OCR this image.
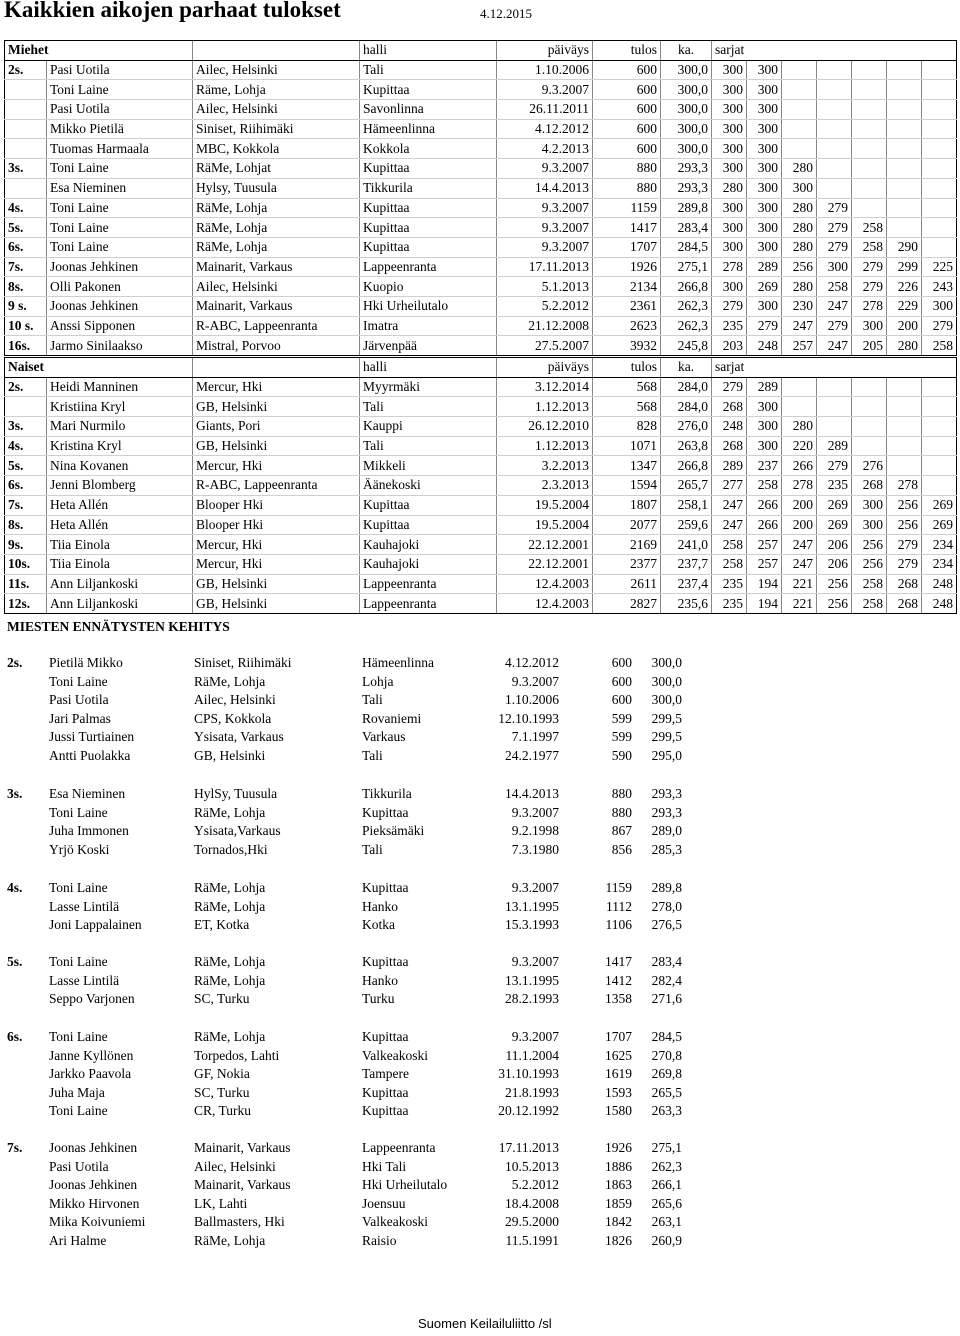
Kaikkien aikojen parhaat tulokset	4.12.2015
Miehet			halli	päiväys	tulos	ka.	sarjat						
2s.	Pasi Uotila	Ailec, Helsinki	Tali	1.10.2006	600	300,0	300	300					
	Toni Laine	Räme, Lohja	Kupittaa	9.3.2007	600	300,0	300	300					
	Pasi Uotila	Ailec, Helsinki	Savonlinna	26.11.2011	600	300,0	300	300					
	Mikko Pietilä	Siniset, Riihimäki	Hämeenlinna	4.12.2012	600	300,0	300	300					
	Tuomas Harmaala	MBC, Kokkola	Kokkola	4.2.2013	600	300,0	300	300					
3s.	Toni Laine	RäMe, Lohjat	Kupittaa	9.3.2007	880	293,3	300	300	280				
	Esa Nieminen	Hylsy, Tuusula	Tikkurila	14.4.2013	880	293,3	280	300	300				
4s.	Toni Laine	RäMe, Lohja	Kupittaa	9.3.2007	1159	289,8	300	300	280	279			
5s.	Toni Laine	RäMe, Lohja	Kupittaa	9.3.2007	1417	283,4	300	300	280	279	258		
6s.	Toni Laine	RäMe, Lohja	Kupittaa	9.3.2007	1707	284,5	300	300	280	279	258	290	
7s.	Joonas Jehkinen	Mainarit, Varkaus	Lappeenranta	17.11.2013	1926	275,1	278	289	256	300	279	299	225
8s.	Olli Pakonen	Ailec, Helsinki	Kuopio	5.1.2013	2134	266,8	300	269	280	258	279	226	243
9 s.	Joonas Jehkinen	Mainarit, Varkaus	Hki Urheilutalo	5.2.2012	2361	262,3	279	300	230	247	278	229	300
10 s.	Anssi Sipponen	R-ABC, Lappeenranta	Imatra	21.12.2008	2623	262,3	235	279	247	279	300	200	279
16s.	Jarmo Sinilaakso	Mistral, Porvoo	Järvenpää	27.5.2007	3932	245,8	203	248	257	247	205	280	258
Naiset			halli	päiväys	tulos	ka.	sarjat						
2s.	Heidi Manninen	Mercur, Hki	Myyrmäki	3.12.2014	568	284,0	279	289					
	Kristiina Kryl	GB, Helsinki	Tali	1.12.2013	568	284,0	268	300					
3s.	Mari Nurmilo	Giants, Pori	Kauppi	26.12.2010	828	276,0	248	300	280				
4s.	Kristina Kryl	GB, Helsinki	Tali	1.12.2013	1071	263,8	268	300	220	289			
5s.	Nina Kovanen	Mercur, Hki	Mikkeli	3.2.2013	1347	266,8	289	237	266	279	276		
6s.	Jenni Blomberg	R-ABC, Lappeenranta	Äänekoski	2.3.2013	1594	265,7	277	258	278	235	268	278	
7s.	Heta Allén	Blooper Hki	Kupittaa	19.5.2004	1807	258,1	247	266	200	269	300	256	269
8s.	Heta Allén	Blooper Hki	Kupittaa	19.5.2004	2077	259,6	247	266	200	269	300	256	269
9s.	Tiia Einola	Mercur, Hki	Kauhajoki	22.12.2001	2169	241,0	258	257	247	206	256	279	234
10s.	Tiia Einola	Mercur, Hki	Kauhajoki	22.12.2001	2377	237,7	258	257	247	206	256	279	234
11s.	Ann Liljankoski	GB, Helsinki	Lappeenranta	12.4.2003	2611	237,4	235	194	221	256	258	268	248
12s.	Ann Liljankoski	GB, Helsinki	Lappeenranta	12.4.2003	2827	235,6	235	194	221	256	258	268	248
MIESTEN ENNÄTYSTEN KEHITYS
2s. Pietilä Mikko	Siniset, Riihimäki	Hämeenlinna	4.12.2012	600	300,0
Toni Laine	RäMe, Lohja	Lohja	9.3.2007	600	300,0
Pasi Uotila	Ailec, Helsinki	Tali	1.10.2006	600	300,0
Jari Palmas	CPS, Kokkola	Rovaniemi	12.10.1993	599	299,5
Jussi Turtiainen	Ysisata, Varkaus	Varkaus	7.1.1997	599	299,5
Antti Puolakka	GB, Helsinki	Tali	24.2.1977	590	295,0
3s. Esa Nieminen	HylSy, Tuusula	Tikkurila	14.4.2013	880	293,3
Toni Laine	RäMe, Lohja	Kupittaa	9.3.2007	880	293,3
Juha Immonen	Ysisata,Varkaus	Pieksämäki	9.2.1998	867	289,0
Yrjö Koski	Tornados,Hki	Tali	7.3.1980	856	285,3
4s. Toni Laine	RäMe, Lohja	Kupittaa	9.3.2007	1159	289,8
Lasse Lintilä	RäMe, Lohja	Hanko	13.1.1995	1112	278,0
Joni Lappalainen	ET, Kotka	Kotka	15.3.1993	1106	276,5
5s. Toni Laine	RäMe, Lohja	Kupittaa	9.3.2007	1417	283,4
Lasse Lintilä	RäMe, Lohja	Hanko	13.1.1995	1412	282,4
Seppo Varjonen	SC, Turku	Turku	28.2.1993	1358	271,6
6s. Toni Laine	RäMe, Lohja	Kupittaa	9.3.2007	1707	284,5
Janne Kyllönen	Torpedos, Lahti	Valkeakoski	11.1.2004	1625	270,8
Jarkko Paavola	GF, Nokia	Tampere	31.10.1993	1619	269,8
Juha Maja	SC, Turku	Kupittaa	21.8.1993	1593	265,5
Toni Laine	CR, Turku	Kupittaa	20.12.1992	1580	263,3
7s. Joonas Jehkinen	Mainarit, Varkaus	Lappeenranta	17.11.2013	1926	275,1
Pasi Uotila	Ailec, Helsinki	Hki Tali	10.5.2013	1886	262,3
Joonas Jehkinen	Mainarit, Varkaus	Hki Urheilutalo	5.2.2012	1863	266,1
Mikko Hirvonen	LK, Lahti	Joensuu	18.4.2008	1859	265,6
Mika Koivuniemi	Ballmasters, Hki	Valkeakoski	29.5.2000	1842	263,1
Ari Halme	RäMe, Lohja	Raisio	11.5.1991	1826	260,9
Suomen Keilailuliitto /sl
